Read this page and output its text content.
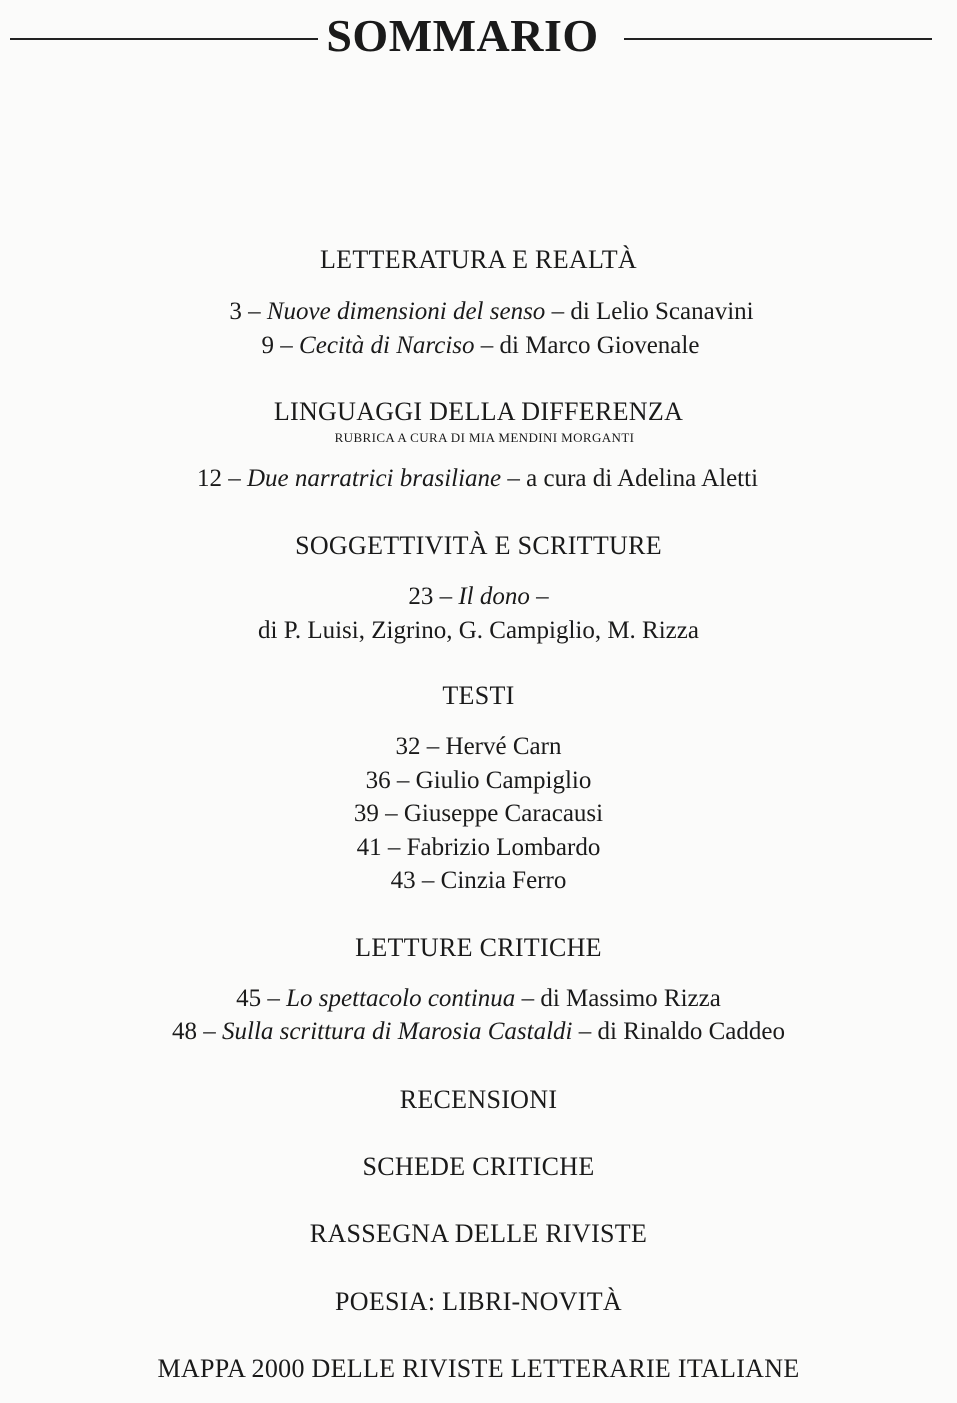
SOMMARIO
LETTERATURA E REALTÀ
3 – Nuove dimensioni del senso – di Lelio Scanavini
9 – Cecità di Narciso – di Marco Giovenale
LINGUAGGI DELLA DIFFERENZA
RUBRICA A CURA DI MIA MENDINI MORGANTI
12 – Due narratrici brasiliane – a cura di Adelina Aletti
SOGGETTIVITÀ E SCRITTURE
23 – Il dono –
di P. Luisi, Zigrino, G. Campiglio, M. Rizza
TESTI
32 – Hervé Carn
36 – Giulio Campiglio
39 – Giuseppe Caracausi
41 – Fabrizio Lombardo
43 – Cinzia Ferro
LETTURE CRITICHE
45 – Lo spettacolo continua – di Massimo Rizza
48 – Sulla scrittura di Marosia Castaldi – di Rinaldo Caddeo
RECENSIONI
SCHEDE CRITICHE
RASSEGNA DELLE RIVISTE
POESIA: LIBRI-NOVITÀ
MAPPA 2000 DELLE RIVISTE LETTERARIE ITALIANE
